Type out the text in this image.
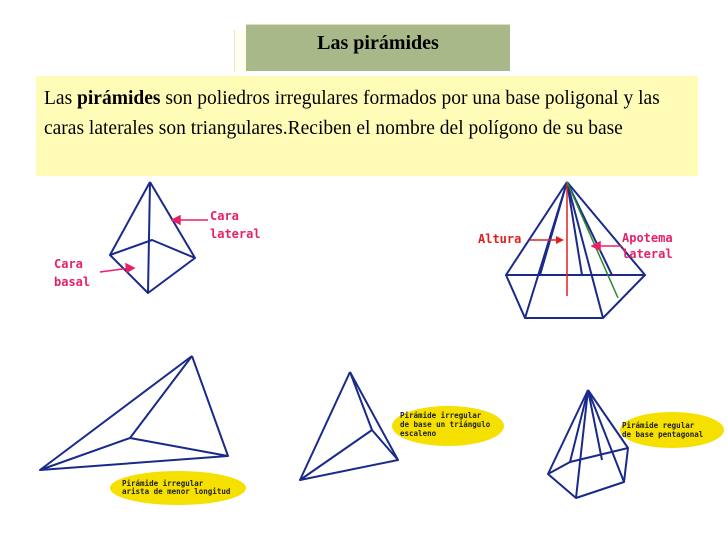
Las pirámides
Las pirámides son poliedros irregulares formados por una base poligonal y las caras laterales son triangulares.Reciben el nombre del polígono de su base
Cara
lateral
Cara
basal
Altura	Apotema
lateral
Pirámide irregular
arista de menor longitud
Pirámide irregular
de base un triángulo
escaleno
Pirámide regular
de base pentagonal
